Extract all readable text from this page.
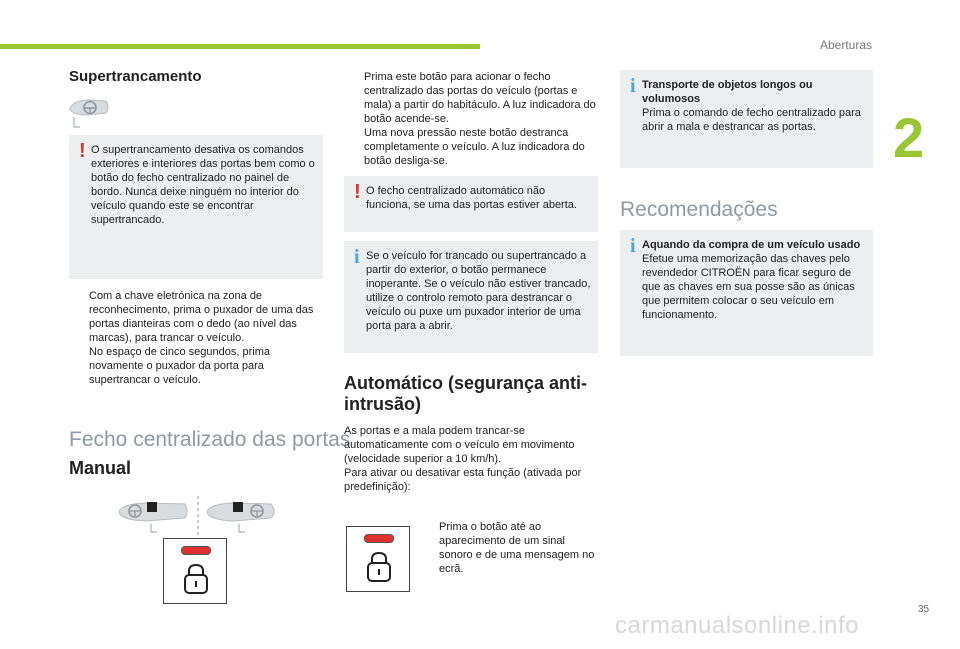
Aberturas
2
Supertrancamento
! O supertrancamento desativa os comandos exteriores e interiores das portas bem como o botão do fecho centralizado no painel de bordo. Nunca deixe ninguém no interior do veículo quando este se encontrar supertrancado.
Com a chave eletrónica na zona de reconhecimento, prima o puxador de uma das portas dianteiras com o dedo (ao nível das marcas), para trancar o veículo.
No espaço de cinco segundos, prima novamente o puxador da porta para supertrancar o veículo.
Fecho centralizado das portas
Manual
Prima este botão para acionar o fecho centralizado das portas do veículo (portas e mala) a partir do habitáculo. A luz indicadora do botão acende-se.
Uma nova pressão neste botão destranca completamente o veículo. A luz indicadora do botão desliga-se.
! O fecho centralizado automático não funciona, se uma das portas estiver aberta.
i Se o veículo for trancado ou supertrancado a partir do exterior, o botão permanece inoperante. Se o veículo não estiver trancado, utilize o controlo remoto para destrancar o veículo ou puxe um puxador interior de uma porta para a abrir.
Automático (segurança anti-intrusão)
As portas e a mala podem trancar-se automaticamente com o veículo em movimento (velocidade superior a 10 km/h).
Para ativar ou desativar esta função (ativada por predefinição):
Prima o botão até ao aparecimento de um sinal sonoro e de uma mensagem no ecrã.
i Transporte de objetos longos ou volumosos
Prima o comando de fecho centralizado para abrir a mala e destrancar as portas.
Recomendações
i Aquando da compra de um veículo usado
Efetue uma memorização das chaves pelo revendedor CITROËN para ficar seguro de que as chaves em sua posse são as únicas que permitem colocar o seu veículo em funcionamento.
35
carmanualsonline.info
